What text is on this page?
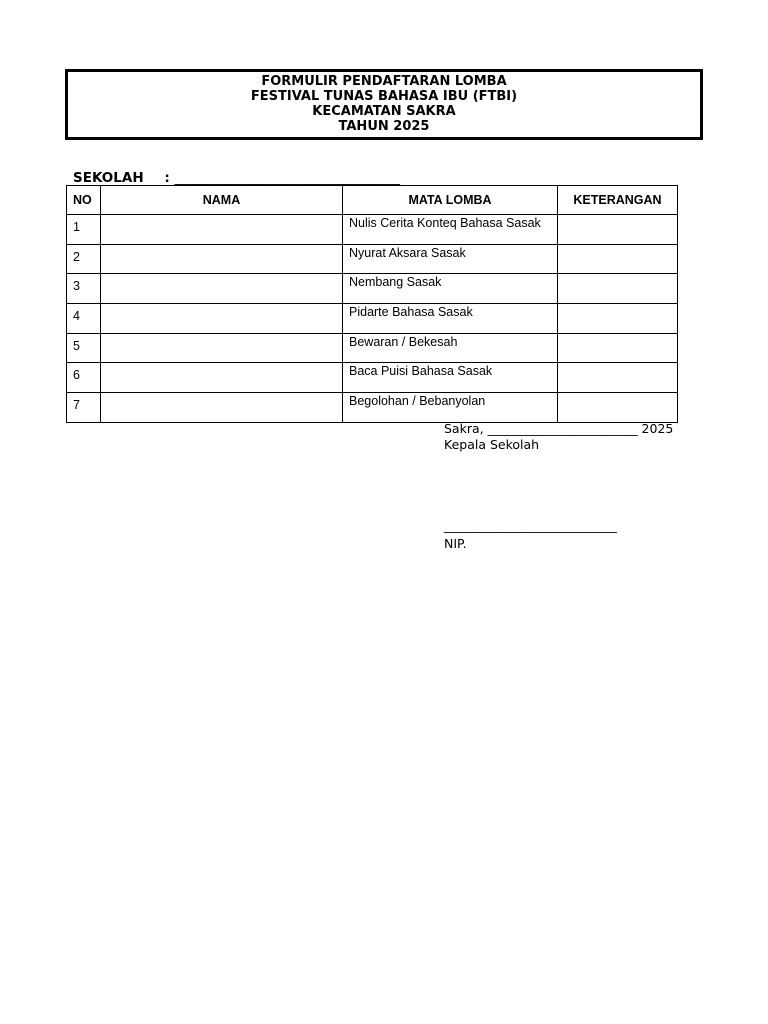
FORMULIR PENDAFTARAN LOMBA
FESTIVAL TUNAS BAHASA IBU (FTBI)
KECAMATAN SAKRA
TAHUN 2025
SEKOLAH : ____________________________________
NO	NAMA	MATA LOMBA	KETERANGAN
1		Nulis Cerita Konteq Bahasa Sasak	
2		Nyurat Aksara Sasak	
3		Nembang Sasak	
4		Pidarte Bahasa Sasak	
5		Bewaran / Bekesah	
6		Baca Puisi Bahasa Sasak	
7		Begolohan / Bebanyolan	
Sakra, ________________________ 2025
Kepala Sekolah
_____________________________
NIP.
